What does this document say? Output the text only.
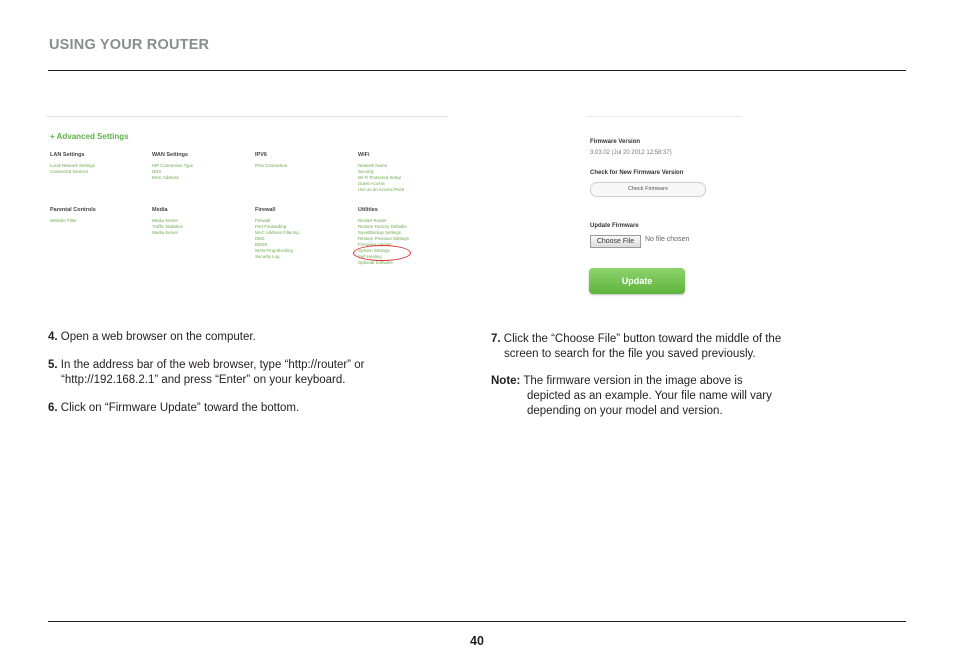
USING YOUR ROUTER
+ Advanced Settings
LAN Settings
Local Network Settings
Connected Devices
WAN Settings
ISP Connection Type
DNS
MAC Address
IPV6
IPv6 Connection
WiFi
Network Name
Security
Wi-Fi Protected Setup
Guest Access
Use as an Access Point
Parental Controls
Website Filter
Media
Media Server
Traffic Statistics
Media Server
Firewall
Firewall
Port Forwarding
MAC Address Filtering
DMZ
DDNS
WAN Ping Blocking
Security Log
Utilities
Restart Router
Restore Factory Defaults
Save/Backup Settings
Restore Previous Settings
Firmware Update
System Settings
Self Healing
Optional Software
Firmware Version
3.03.02 (Jul 20 2012 12:58:37)
Check for New Firmware Version
Check Firmware
Update Firmware
Choose File	No file chosen
Update
4. Open a web browser on the computer.
5. In the address bar of the web browser, type “http://router” or
“http://192.168.2.1” and press “Enter” on your keyboard.
6. Click on “Firmware Update” toward the bottom.
7. Click the “Choose File” button toward the middle of the
screen to search for the file you saved previously.
Note: The firmware version in the image above is
depicted as an example. Your file name will vary
depending on your model and version.
40
